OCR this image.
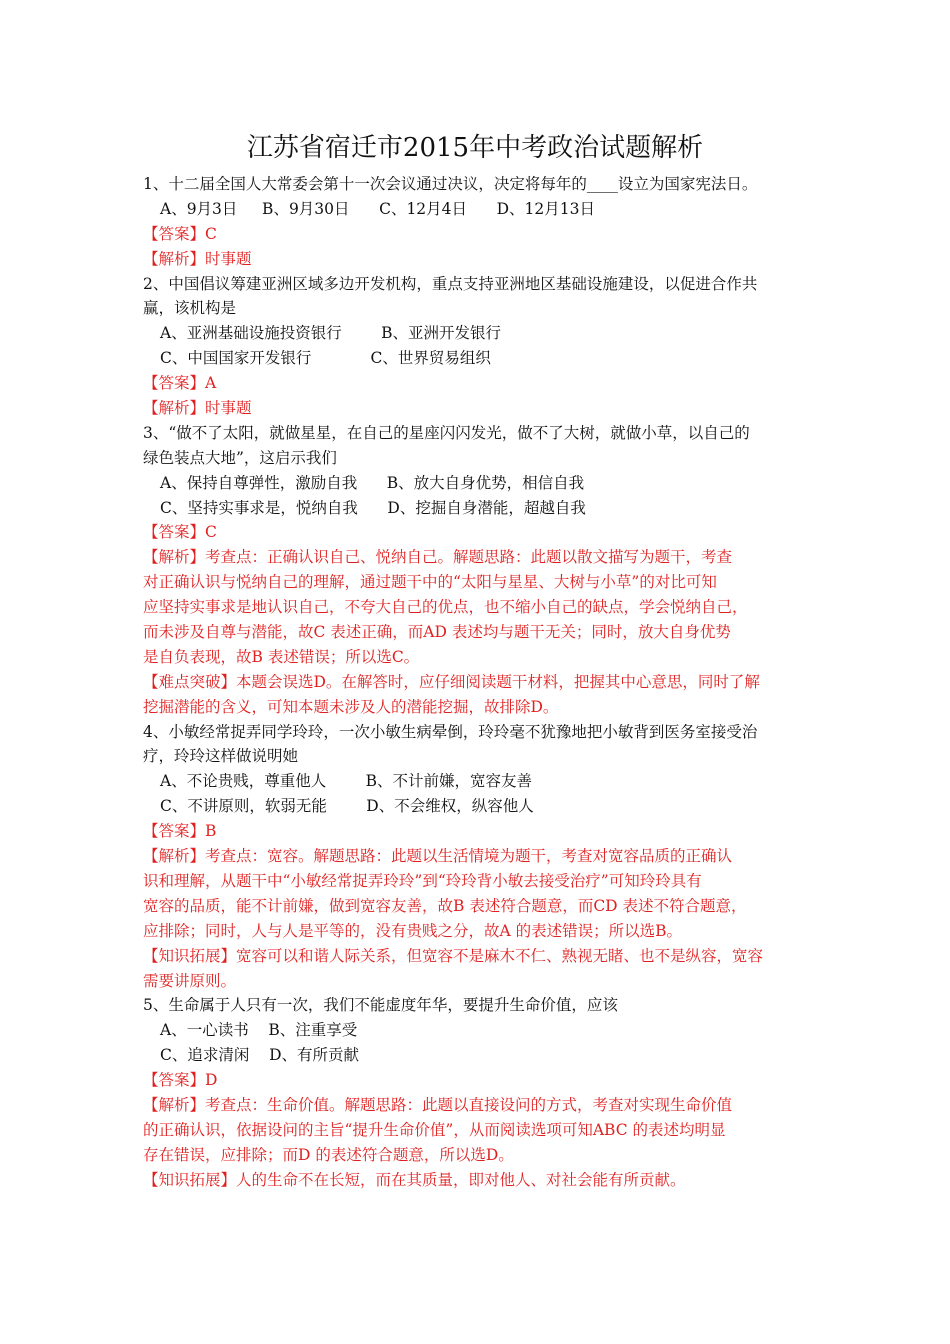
江苏省宿迁市2015年中考政治试题解析
1、十二届全国人大常委会第十一次会议通过决议，决定将每年的____设立为国家宪法日。
A、9月3日     B、9月30日      C、12月4日      D、12月13日
【答案】C
【解析】时事题
2、中国倡议筹建亚洲区域多边开发机构，重点支持亚洲地区基础设施建设，以促进合作共
赢，该机构是
A、亚洲基础设施投资银行        B、亚洲开发银行
C、中国国家开发银行            C、世界贸易组织
【答案】A
【解析】时事题
3、“做不了太阳，就做星星，在自己的星座闪闪发光，做不了大树，就做小草，以自己的
绿色装点大地”，这启示我们
A、保持自尊弹性，激励自我      B、放大自身优势，相信自我
C、坚持实事求是，悦纳自我      D、挖掘自身潜能，超越自我
【答案】C
【解析】考查点：正确认识自己、悦纳自己。解题思路：此题以散文描写为题干，考查
对正确认识与悦纳自己的理解，通过题干中的“太阳与星星、大树与小草”的对比可知
应坚持实事求是地认识自己，不夸大自己的优点，也不缩小自己的缺点，学会悦纳自己，
而未涉及自尊与潜能，故C 表述正确，而AD 表述均与题干无关；同时，放大自身优势
是自负表现，故B 表述错误；所以选C。
【难点突破】本题会误选D。在解答时，应仔细阅读题干材料，把握其中心意思，同时了解
挖掘潜能的含义，可知本题未涉及人的潜能挖掘，故排除D。
4、小敏经常捉弄同学玲玲，一次小敏生病晕倒，玲玲毫不犹豫地把小敏背到医务室接受治
疗，玲玲这样做说明她
A、不论贵贱，尊重他人        B、不计前嫌，宽容友善
C、不讲原则，软弱无能        D、不会维权，纵容他人
【答案】B
【解析】考查点：宽容。解题思路：此题以生活情境为题干，考查对宽容品质的正确认
识和理解，从题干中“小敏经常捉弄玲玲”到“玲玲背小敏去接受治疗”可知玲玲具有
宽容的品质，能不计前嫌，做到宽容友善，故B 表述符合题意，而CD 表述不符合题意，
应排除；同时，人与人是平等的，没有贵贱之分，故A 的表述错误；所以选B。
【知识拓展】宽容可以和谐人际关系，但宽容不是麻木不仁、熟视无睹、也不是纵容，宽容
需要讲原则。
5、生命属于人只有一次，我们不能虚度年华，要提升生命价值，应该
A、一心读书    B、注重享受
C、追求清闲    D、有所贡献
【答案】D
【解析】考查点：生命价值。解题思路：此题以直接设问的方式，考查对实现生命价值
的正确认识，依据设问的主旨“提升生命价值”，从而阅读选项可知ABC 的表述均明显
存在错误，应排除；而D 的表述符合题意，所以选D。
【知识拓展】人的生命不在长短，而在其质量，即对他人、对社会能有所贡献。
